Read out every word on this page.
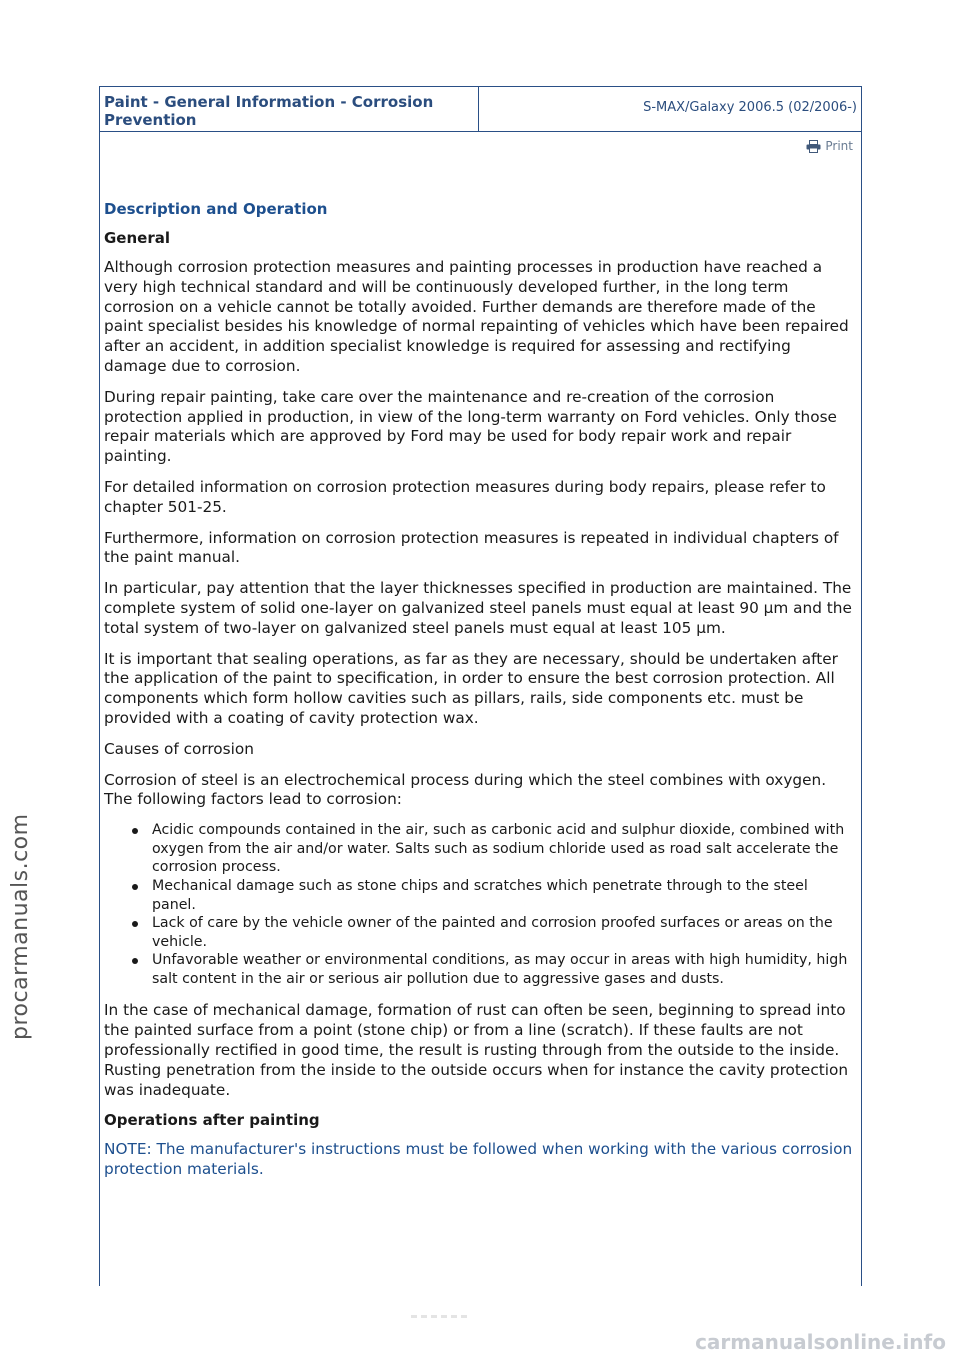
Paint - General Information - Corrosion Prevention
S-MAX/Galaxy 2006.5 (02/2006-)
Print
Description and Operation
General

Although corrosion protection measures and painting processes in production have reached a very high technical standard and will be continuously developed further, in the long term corrosion on a vehicle cannot be totally avoided. Further demands are therefore made of the paint specialist besides his knowledge of normal repainting of vehicles which have been repaired after an accident, in addition specialist knowledge is required for assessing and rectifying damage due to corrosion.

During repair painting, take care over the maintenance and re-creation of the corrosion protection applied in production, in view of the long-term warranty on Ford vehicles. Only those repair materials which are approved by Ford may be used for body repair work and repair painting.

For detailed information on corrosion protection measures during body repairs, please refer to chapter 501-25.

Furthermore, information on corrosion protection measures is repeated in individual chapters of the paint manual.

In particular, pay attention that the layer thicknesses specified in production are maintained. The complete system of solid one-layer on galvanized steel panels must equal at least 90 µm and the total system of two-layer on galvanized steel panels must equal at least 105 µm.

It is important that sealing operations, as far as they are necessary, should be undertaken after the application of the paint to specification, in order to ensure the best corrosion protection. All components which form hollow cavities such as pillars, rails, side components etc. must be provided with a coating of cavity protection wax.

Causes of corrosion

Corrosion of steel is an electrochemical process during which the steel combines with oxygen. The following factors lead to corrosion:

Acidic compounds contained in the air, such as carbonic acid and sulphur dioxide, combined with oxygen from the air and/or water. Salts such as sodium chloride used as road salt accelerate the corrosion process.
Mechanical damage such as stone chips and scratches which penetrate through to the steel panel.
Lack of care by the vehicle owner of the painted and corrosion proofed surfaces or areas on the vehicle.
Unfavorable weather or environmental conditions, as may occur in areas with high humidity, high salt content in the air or serious air pollution due to aggressive gases and dusts.

In the case of mechanical damage, formation of rust can often be seen, beginning to spread into the painted surface from a point (stone chip) or from a line (scratch). If these faults are not professionally rectified in good time, the result is rusting through from the outside to the inside. Rusting penetration from the inside to the outside occurs when for instance the cavity protection was inadequate.

Operations after painting

NOTE: The manufacturer's instructions must be followed when working with the various corrosion protection materials.

procarmanuals.com
carmanualsonline.info
